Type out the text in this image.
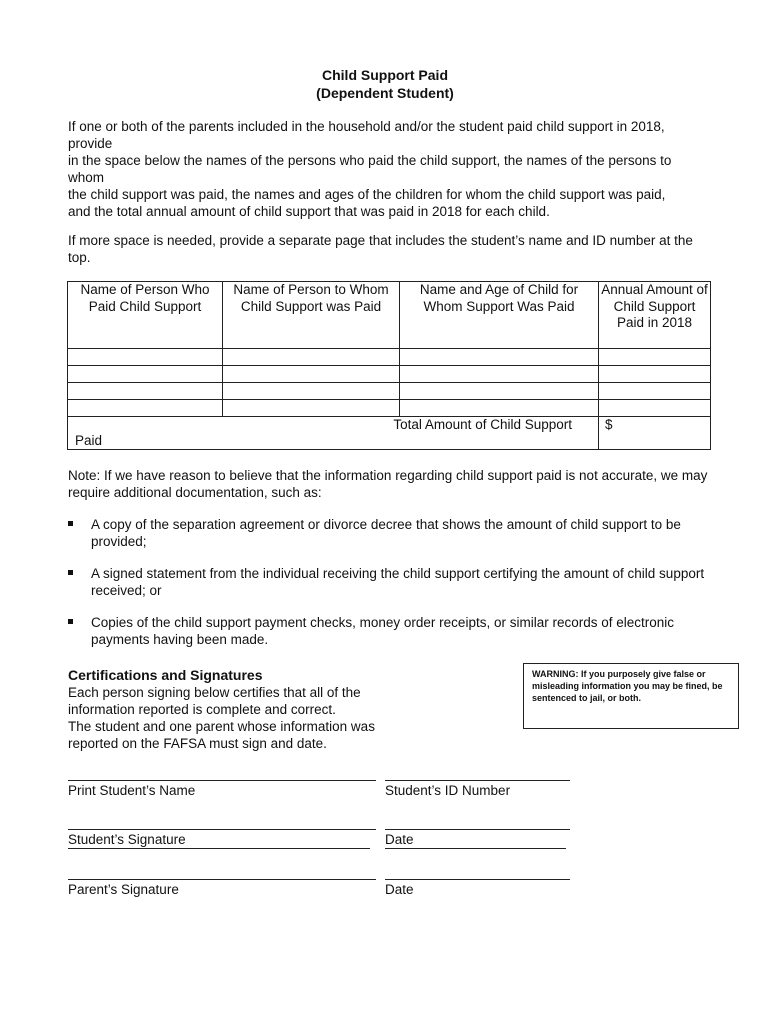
Child Support Paid
(Dependent Student)
If one or both of the parents included in the household and/or the student paid child support in 2018, provide
in the space below the names of the persons who paid the child support, the names of the persons to whom
the child support was paid, the names and ages of the children for whom the child support was paid,
and the total annual amount of child support that was paid in 2018 for each child.
If more space is needed, provide a separate page that includes the student’s name and ID number at the top.
Name of Person Who Paid Child Support	Name of Person to Whom Child Support was Paid	Name and Age of Child for Whom Support Was Paid	Annual Amount of Child Support Paid in 2018

Total Amount of Child Support
Paid			$
Note: If we have reason to believe that the information regarding child support paid is not accurate, we may require additional documentation, such as:
A copy of the separation agreement or divorce decree that shows the amount of child support to be provided;
A signed statement from the individual receiving the child support certifying the amount of child support received; or
Copies of the child support payment checks, money order receipts, or similar records of electronic payments having been made.
Certifications and Signatures
Each person signing below certifies that all of the information reported is complete and correct.
The student and one parent whose information was reported on the FAFSA must sign and date.
WARNING: If you purposely give false or misleading information you may be fined, be sentenced to jail, or both.
Print Student’s Name	Student’s ID Number
Student’s Signature	Date
Parent’s Signature	Date
